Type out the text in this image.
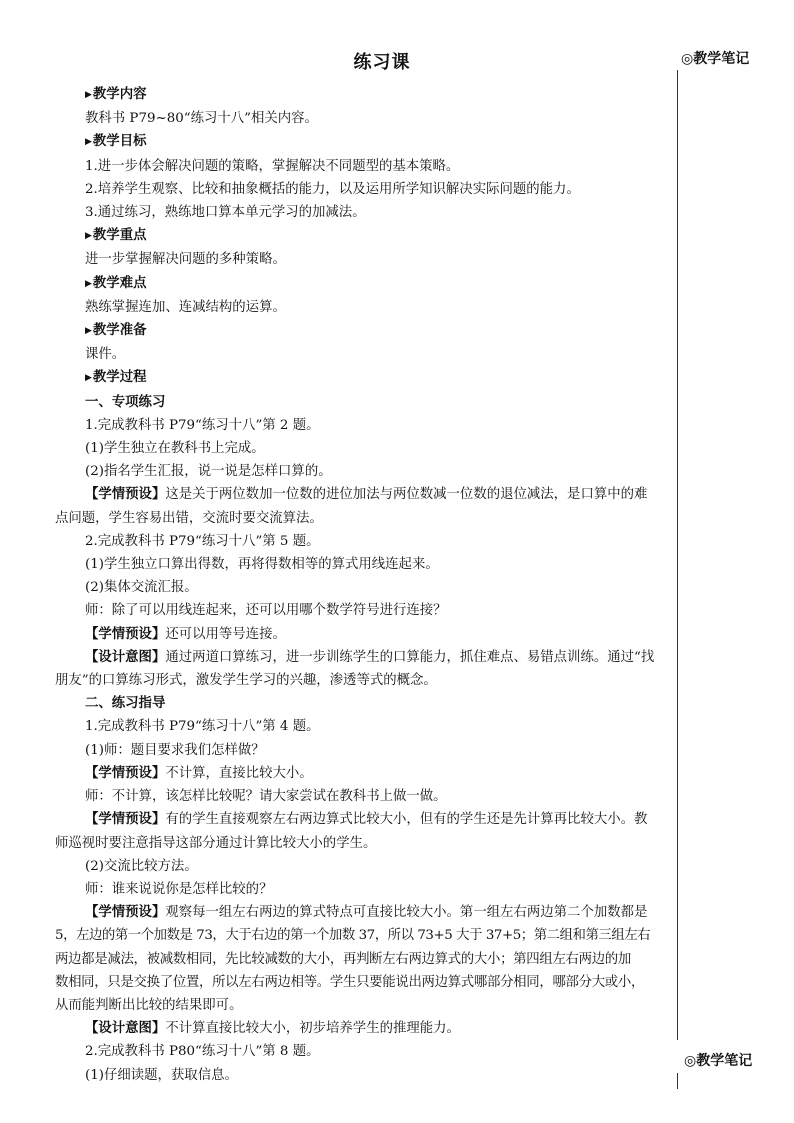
练习课	◎教学笔记
◎教学笔记
▶教学内容
教科书 P79~80“练习十八”相关内容。
▶教学目标
1.进一步体会解决问题的策略，掌握解决不同题型的基本策略。
2.培养学生观察、比较和抽象概括的能力，以及运用所学知识解决实际问题的能力。
3.通过练习，熟练地口算本单元学习的加减法。
▶教学重点
进一步掌握解决问题的多种策略。
▶教学难点
熟练掌握连加、连减结构的运算。
▶教学准备
课件。
▶教学过程
一、专项练习
1.完成教科书 P79“练习十八”第 2 题。
(1)学生独立在教科书上完成。
(2)指名学生汇报，说一说是怎样口算的。
【学情预设】这是关于两位数加一位数的进位加法与两位数减一位数的退位减法，是口算中的难
点问题，学生容易出错，交流时要交流算法。
2.完成教科书 P79“练习十八”第 5 题。
(1)学生独立口算出得数，再将得数相等的算式用线连起来。
(2)集体交流汇报。
师：除了可以用线连起来，还可以用哪个数学符号进行连接？
【学情预设】还可以用等号连接。
【设计意图】通过两道口算练习，进一步训练学生的口算能力，抓住难点、易错点训练。通过“找
朋友”的口算练习形式，激发学生学习的兴趣，渗透等式的概念。
二、练习指导
1.完成教科书 P79“练习十八”第 4 题。
(1)师：题目要求我们怎样做？
【学情预设】不计算，直接比较大小。
师：不计算，该怎样比较呢？请大家尝试在教科书上做一做。
【学情预设】有的学生直接观察左右两边算式比较大小，但有的学生还是先计算再比较大小。教
师巡视时要注意指导这部分通过计算比较大小的学生。
(2)交流比较方法。
师：谁来说说你是怎样比较的？
【学情预设】观察每一组左右两边的算式特点可直接比较大小。第一组左右两边第二个加数都是
5，左边的第一个加数是 73，大于右边的第一个加数 37，所以 73+5 大于 37+5；第二组和第三组左右
两边都是减法，被减数相同，先比较减数的大小，再判断左右两边算式的大小；第四组左右两边的加
数相同，只是交换了位置，所以左右两边相等。学生只要能说出两边算式哪部分相同，哪部分大或小，
从而能判断出比较的结果即可。
【设计意图】不计算直接比较大小，初步培养学生的推理能力。
2.完成教科书 P80“练习十八”第 8 题。
(1)仔细读题，获取信息。
